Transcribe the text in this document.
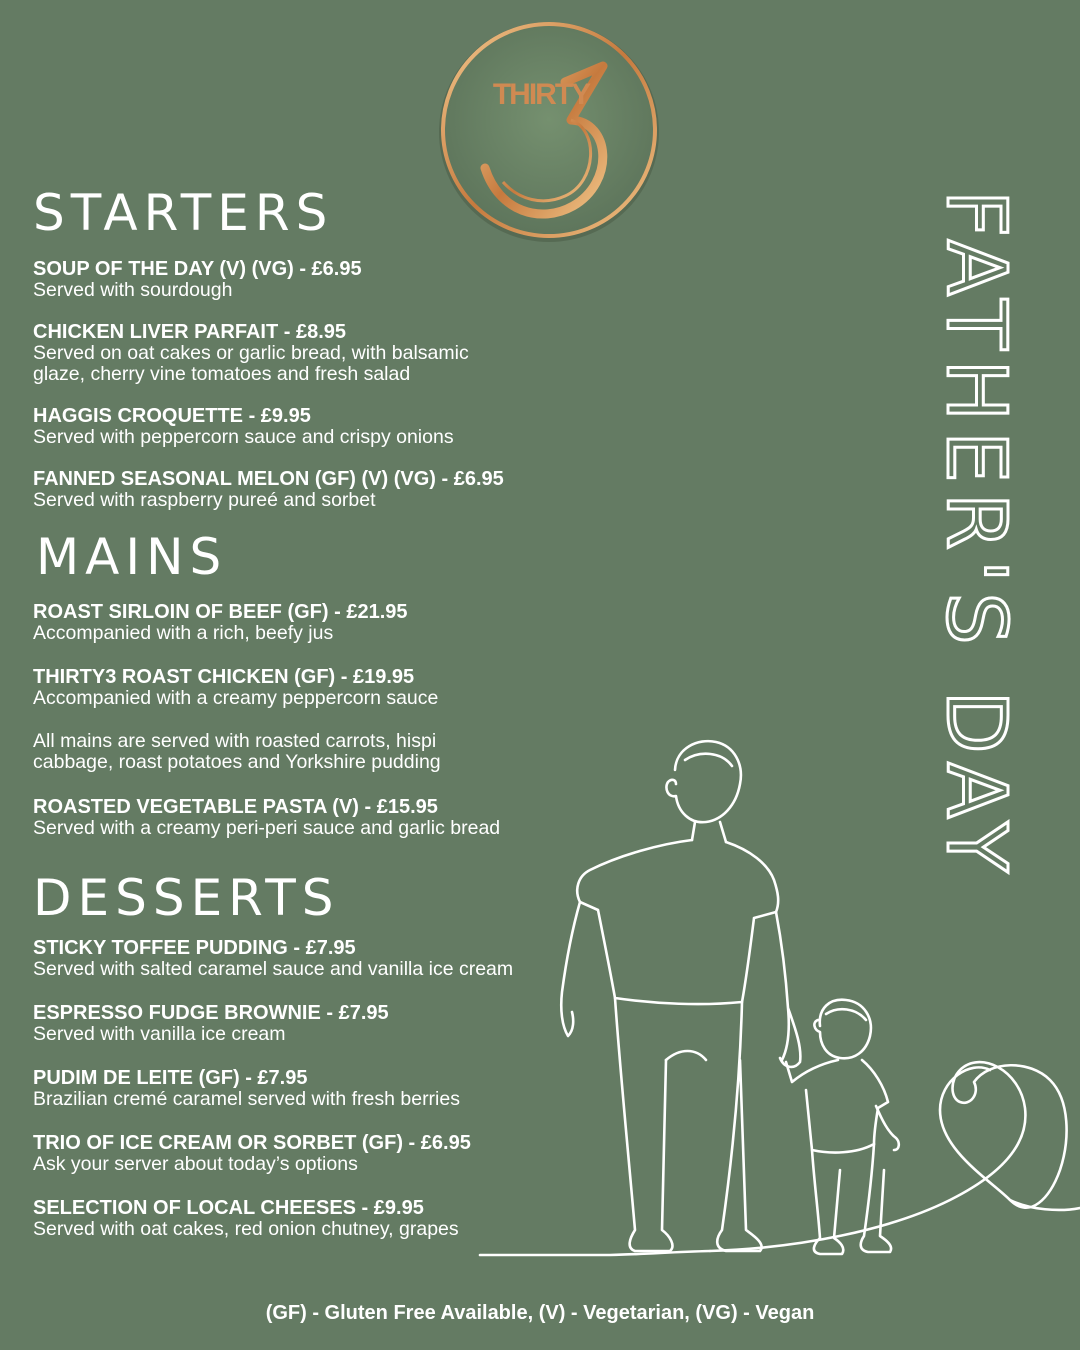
THIRTY
STARTERS
SOUP OF THE DAY (V) (VG) - £6.95
Served with sourdough
CHICKEN LIVER PARFAIT - £8.95
Served on oat cakes or garlic bread, with balsamic glaze, cherry vine tomatoes and fresh salad
HAGGIS CROQUETTE - £9.95
Served with peppercorn sauce and crispy onions
FANNED SEASONAL MELON (GF) (V) (VG) - £6.95
Served with raspberry pureé and sorbet
MAINS
ROAST SIRLOIN OF BEEF (GF) - £21.95
Accompanied with a rich, beefy jus
THIRTY3 ROAST CHICKEN (GF) - £19.95
Accompanied with a creamy peppercorn sauce
All mains are served with roasted carrots, hispi cabbage, roast potatoes and Yorkshire pudding
ROASTED VEGETABLE PASTA (V) - £15.95
Served with a creamy peri-peri sauce and garlic bread
DESSERTS
STICKY TOFFEE PUDDING - £7.95
Served with salted caramel sauce and vanilla ice cream
ESPRESSO FUDGE BROWNIE - £7.95
Served with vanilla ice cream
PUDIM DE LEITE (GF) - £7.95
Brazilian cremé caramel served with fresh berries
TRIO OF ICE CREAM OR SORBET (GF) - £6.95
Ask your server about today’s options
SELECTION OF LOCAL CHEESES - £9.95
Served with oat cakes, red onion chutney, grapes
FATHER'S DAY
(GF) - Gluten Free Available, (V) - Vegetarian, (VG) - Vegan
